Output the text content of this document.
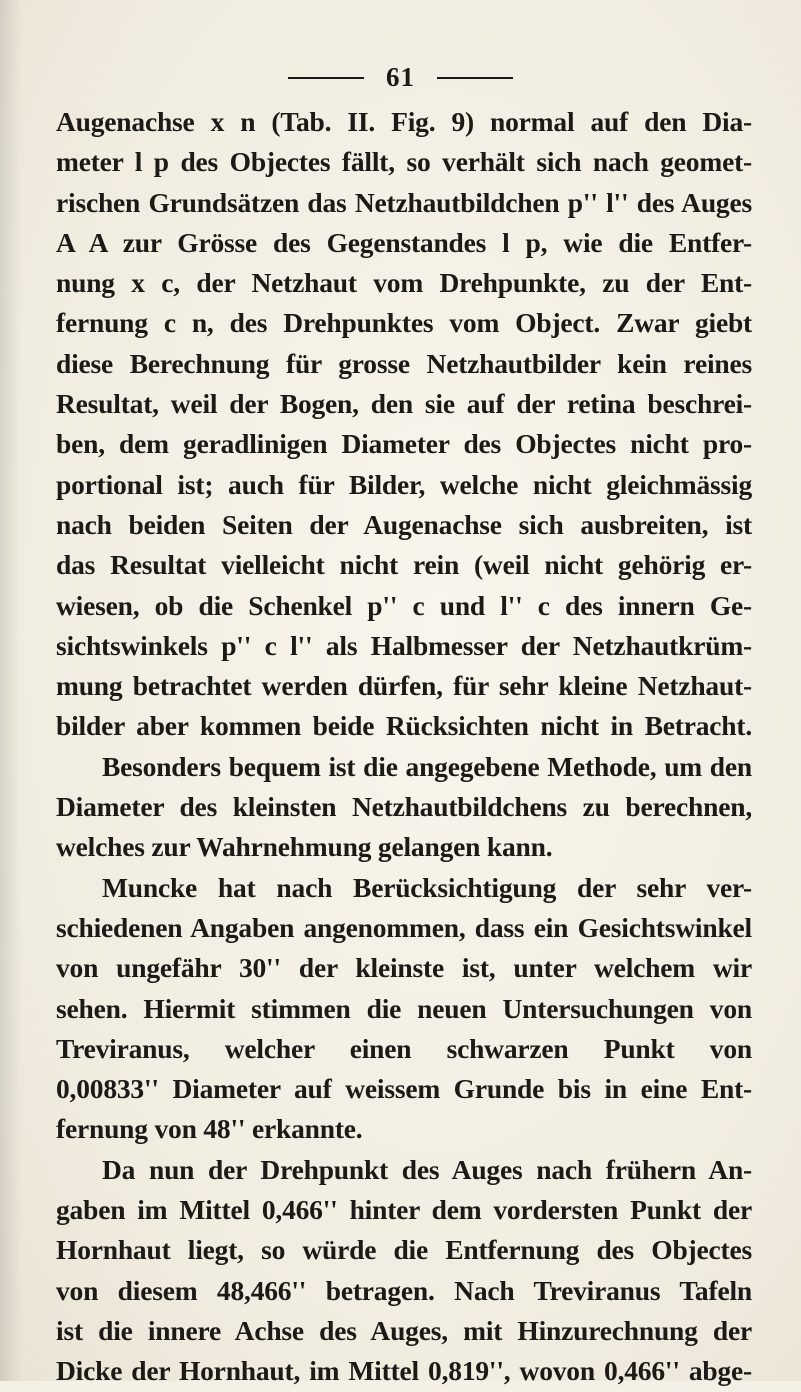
61
Augenachse x n (Tab. II. Fig. 9) normal auf den Dia-
meter l p des Objectes fällt, so verhält sich nach geomet-
rischen Grundsätzen das Netzhautbildchen p'' l'' des Auges
A A zur Grösse des Gegenstandes l p, wie die Entfer-
nung x c, der Netzhaut vom Drehpunkte, zu der Ent-
fernung c n, des Drehpunktes vom Object. Zwar giebt
diese Berechnung für grosse Netzhautbilder kein reines
Resultat, weil der Bogen, den sie auf der retina beschrei-
ben, dem geradlinigen Diameter des Objectes nicht pro-
portional ist; auch für Bilder, welche nicht gleichmässig
nach beiden Seiten der Augenachse sich ausbreiten, ist
das Resultat vielleicht nicht rein (weil nicht gehörig er-
wiesen, ob die Schenkel p'' c und l'' c des innern Ge-
sichtswinkels p'' c l'' als Halbmesser der Netzhautkrüm-
mung betrachtet werden dürfen, für sehr kleine Netzhaut-
bilder aber kommen beide Rücksichten nicht in Betracht.
Besonders bequem ist die angegebene Methode, um den
Diameter des kleinsten Netzhautbildchens zu berechnen,
welches zur Wahrnehmung gelangen kann.
Muncke hat nach Berücksichtigung der sehr ver-
schiedenen Angaben angenommen, dass ein Gesichtswinkel
von ungefähr 30'' der kleinste ist, unter welchem wir
sehen. Hiermit stimmen die neuen Untersuchungen von
Treviranus, welcher einen schwarzen Punkt von
0,00833'' Diameter auf weissem Grunde bis in eine Ent-
fernung von 48'' erkannte.
Da nun der Drehpunkt des Auges nach frühern An-
gaben im Mittel 0,466'' hinter dem vordersten Punkt der
Hornhaut liegt, so würde die Entfernung des Objectes
von diesem 48,466'' betragen. Nach Treviranus Tafeln
ist die innere Achse des Auges, mit Hinzurechnung der
Dicke der Hornhaut, im Mittel 0,819'', wovon 0,466'' abge-
